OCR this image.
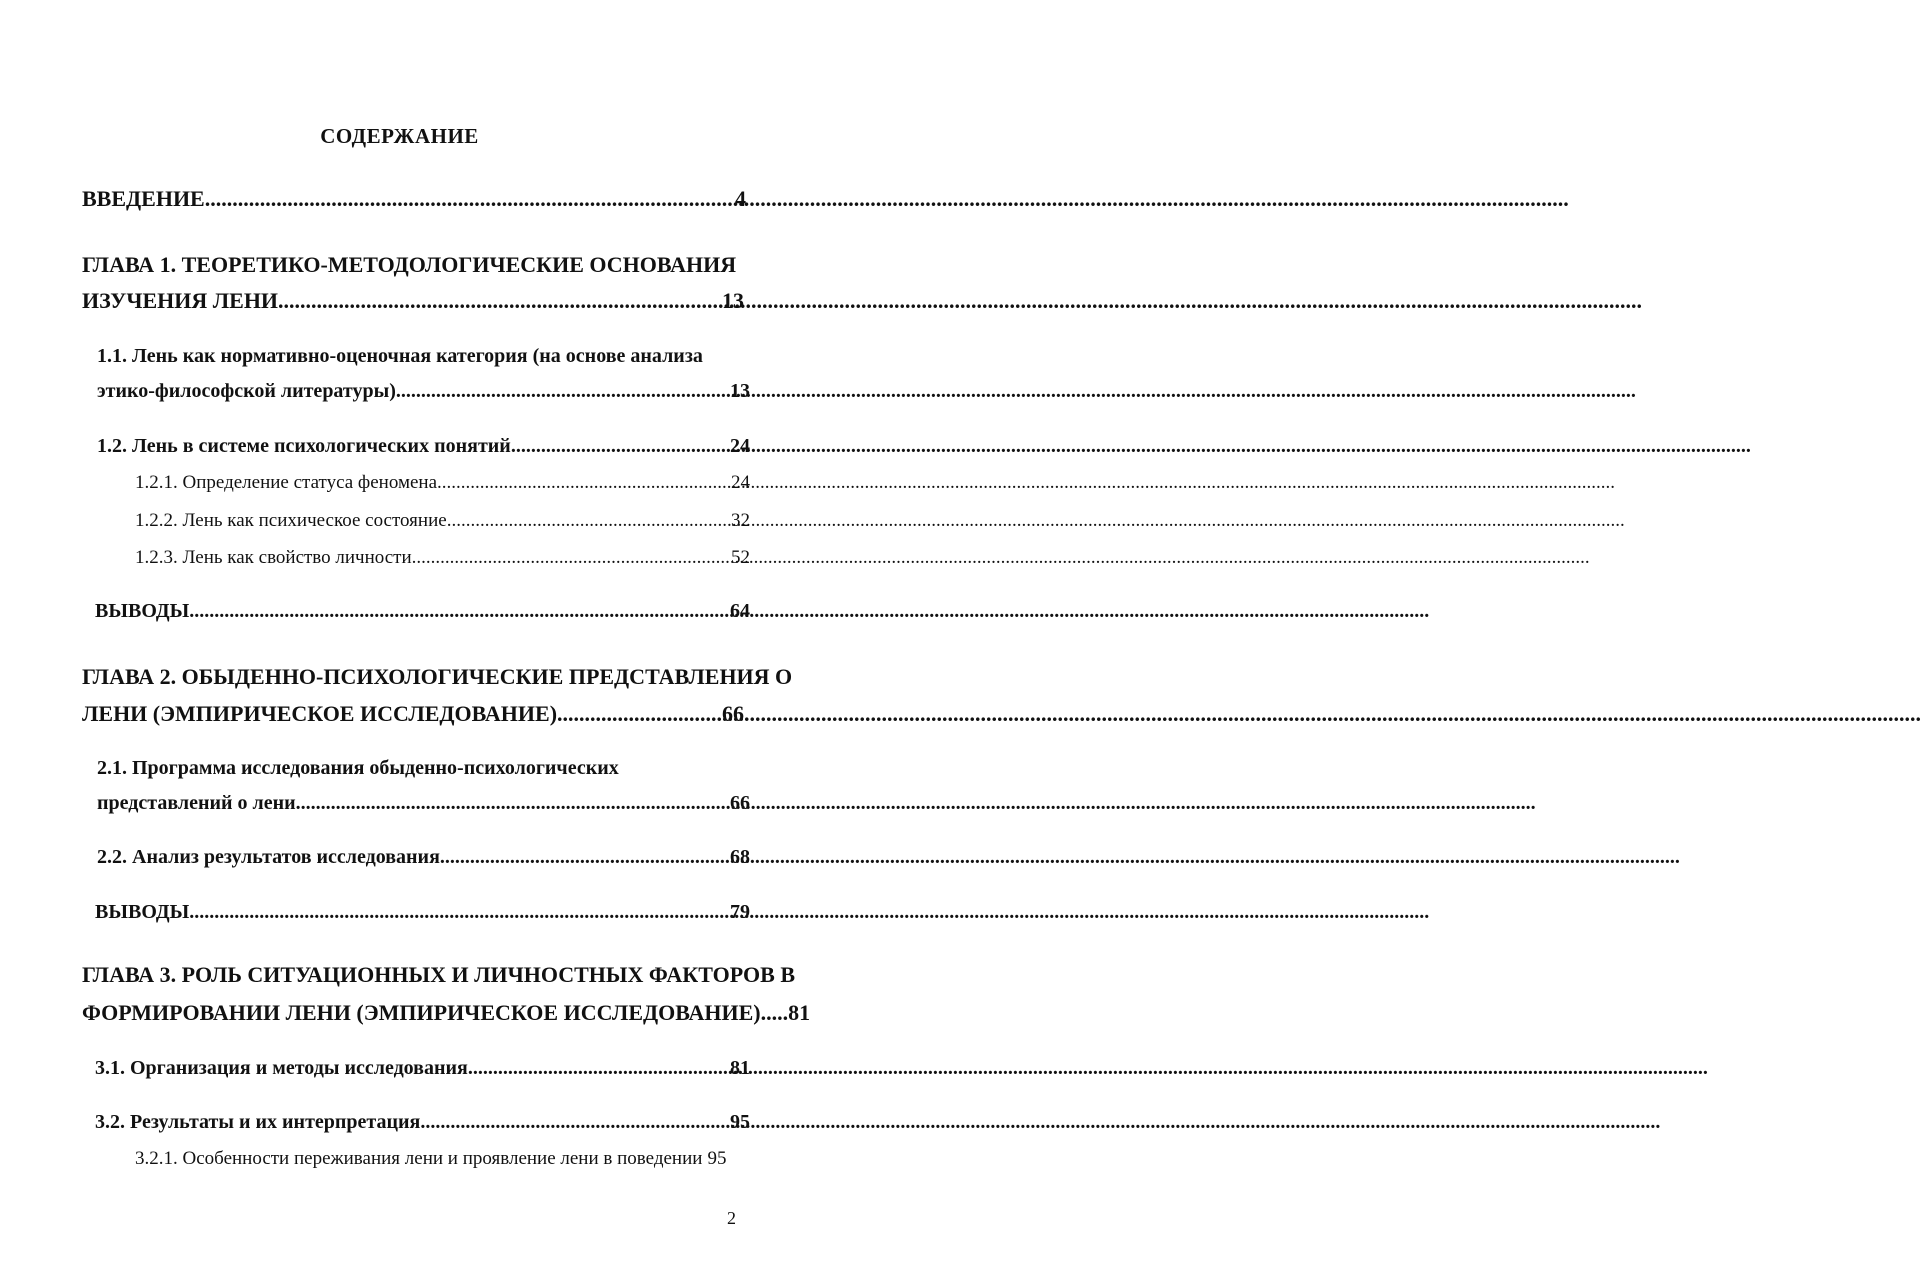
СОДЕРЖАНИЕ
ВВЕДЕНИЕ .....	4
ГЛАВА 1. ТЕОРЕТИКО-МЕТОДОЛОГИЧЕСКИЕ ОСНОВАНИЯ
ИЗУЧЕНИЯ ЛЕНИ .....	13
1.1. Лень как нормативно-оценочная категория (на основе анализа
этико-философской литературы) .....	13
1.2. Лень в системе психологических понятий .....	24
1.2.1. Определение статуса феномена .....	24
1.2.2. Лень как психическое состояние .....	32
1.2.3. Лень как свойство личности .....	52
ВЫВОДЫ .....	64
ГЛАВА 2. ОБЫДЕННО-ПСИХОЛОГИЧЕСКИЕ ПРЕДСТАВЛЕНИЯ О
ЛЕНИ (ЭМПИРИЧЕСКОЕ ИССЛЕДОВАНИЕ) .....	66
2.1. Программа исследования обыденно-психологических
представлений о лени .....	66
2.2. Анализ результатов исследования .....	68
ВЫВОДЫ .....	79
ГЛАВА 3. РОЛЬ СИТУАЦИОННЫХ И ЛИЧНОСТНЫХ ФАКТОРОВ В
ФОРМИРОВАНИИ ЛЕНИ (ЭМПИРИЧЕСКОЕ ИССЛЕДОВАНИЕ)..... 81
3.1. Организация и методы исследования .....	81
3.2. Результаты и их интерпретация .....	95
3.2.1. Особенности переживания лени и проявление лени в поведении 95
2
